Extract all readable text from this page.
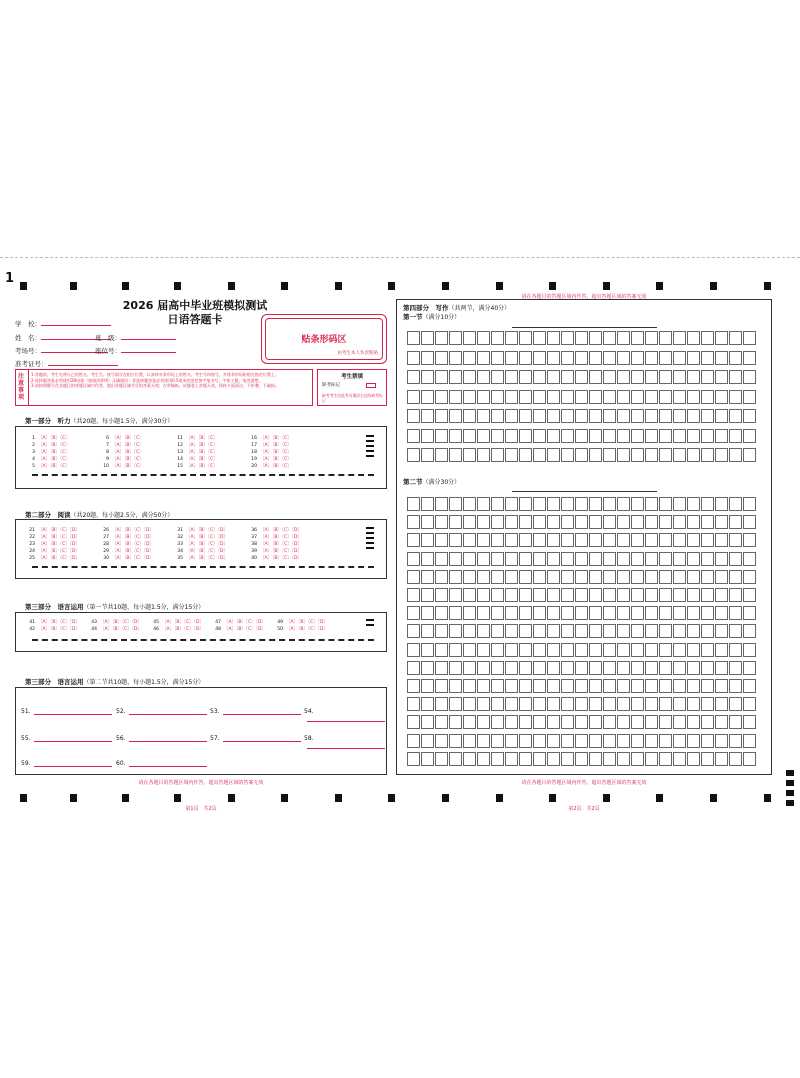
1
2026 届高中毕业班模拟测试
日语答题卡
学　校：
姓　名：	班　级：
考场号：	座位号：
准考证号：
贴条形码区
由考生本人负责粘贴
注意事项
1.答题前，考生先将自己的姓名、考生号、座号填写在相应位置，认真核对条形码上的姓名、考生号和座号，并将条形码粘贴在指定位置上。
2.选择题答案必须使用2B铅笔（按填涂样例）正确填涂；非选择题答案必须使用0.5毫米的黑色签字笔书写，字体工整、笔迹清楚。
3.请按照题号在各题目的答题区域内作答，超出答题区域书写的答案无效；在草稿纸、试题卷上答题无效。保持卡面清洁，不折叠、不破损。
考生禁填
缺考标记
缺考考生由监考员填涂右边的缺考标记
第一部分　听力（共20题，每小题1.5分，满分30分）
1 〔A〕〔B〕〔C〕
2 〔A〕〔B〕〔C〕
3 〔A〕〔B〕〔C〕
4 〔A〕〔B〕〔C〕
5 〔A〕〔B〕〔C〕
6 〔A〕〔B〕〔C〕
7 〔A〕〔B〕〔C〕
8 〔A〕〔B〕〔C〕
9 〔A〕〔B〕〔C〕
10 〔A〕〔B〕〔C〕
11 〔A〕〔B〕〔C〕
12 〔A〕〔B〕〔C〕
13 〔A〕〔B〕〔C〕
14 〔A〕〔B〕〔C〕
15 〔A〕〔B〕〔C〕
16 〔A〕〔B〕〔C〕
17 〔A〕〔B〕〔C〕
18 〔A〕〔B〕〔C〕
19 〔A〕〔B〕〔C〕
20 〔A〕〔B〕〔C〕
第二部分　阅读（共20题，每小题2.5分，满分50分）
21 〔A〕〔B〕〔C〕〔D〕
22 〔A〕〔B〕〔C〕〔D〕
23 〔A〕〔B〕〔C〕〔D〕
24 〔A〕〔B〕〔C〕〔D〕
25 〔A〕〔B〕〔C〕〔D〕
26 〔A〕〔B〕〔C〕〔D〕
27 〔A〕〔B〕〔C〕〔D〕
28 〔A〕〔B〕〔C〕〔D〕
29 〔A〕〔B〕〔C〕〔D〕
30 〔A〕〔B〕〔C〕〔D〕
31 〔A〕〔B〕〔C〕〔D〕
32 〔A〕〔B〕〔C〕〔D〕
33 〔A〕〔B〕〔C〕〔D〕
34 〔A〕〔B〕〔C〕〔D〕
35 〔A〕〔B〕〔C〕〔D〕
36 〔A〕〔B〕〔C〕〔D〕
37 〔A〕〔B〕〔C〕〔D〕
38 〔A〕〔B〕〔C〕〔D〕
39 〔A〕〔B〕〔C〕〔D〕
40 〔A〕〔B〕〔C〕〔D〕
第三部分　语言运用（第一节共10题，每小题1.5分，满分15分）
41 〔A〕〔B〕〔C〕〔D〕
42 〔A〕〔B〕〔C〕〔D〕
43 〔A〕〔B〕〔C〕〔D〕
44 〔A〕〔B〕〔C〕〔D〕
45 〔A〕〔B〕〔C〕〔D〕
46 〔A〕〔B〕〔C〕〔D〕
47 〔A〕〔B〕〔C〕〔D〕
48 〔A〕〔B〕〔C〕〔D〕
49 〔A〕〔B〕〔C〕〔D〕
50 〔A〕〔B〕〔C〕〔D〕
第三部分　语言运用（第二节共10题，每小题1.5分，满分15分）
51.	52.	53.	54.
55.	56.	57.	58.
59.	60.
请在各题目的答题区域内作答，超出答题区域的答案无效
第1页　共2页
请在各题目的答题区域内作答，超出答题区域的答案无效
第四部分　写作（共两节，满分40分）
第一节（满分10分）
第二节（满分30分）
请在各题目的答题区域内作答，超出答题区域的答案无效
第2页　共2页
